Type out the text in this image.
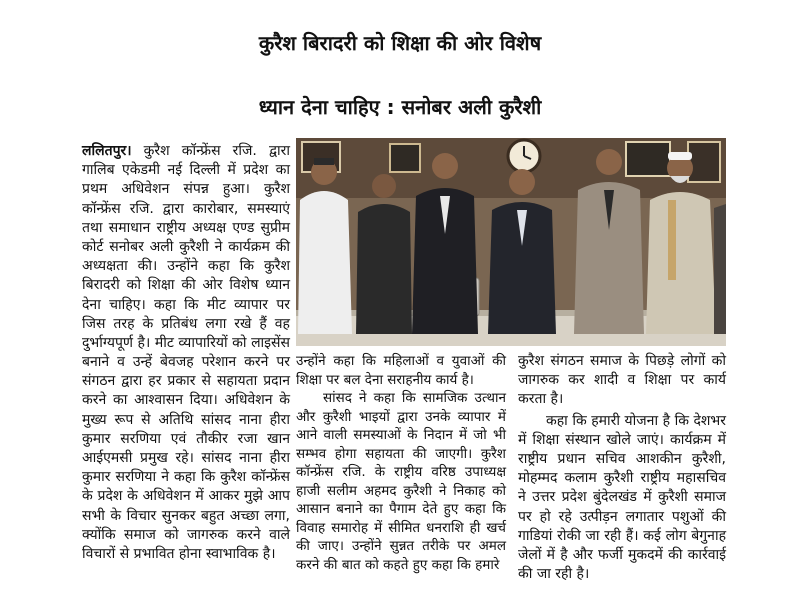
कुरैश बिरादरी को शिक्षा की ओर विशेष
ध्यान देना चाहिए : सनोबर अली कुरैशी

ललितपुर। कुरैश कॉन्फ्रेंस रजि. द्वारा गालिब एकेडमी नई दिल्ली में प्रदेश का प्रथम अधिवेशन संपन्न हुआ। कुरैश कॉन्फ्रेंस रजि. द्वारा कारोबार, समस्याएं तथा समाधान राष्ट्रीय अध्यक्ष एण्ड सुप्रीम कोर्ट सनोबर अली कुरैशी ने कार्यक्रम की अध्यक्षता की। उन्होंने कहा कि कुरैश बिरादरी को शिक्षा की ओर विशेष ध्यान देना चाहिए। कहा कि मीट व्यापार पर जिस तरह के प्रतिबंध लगा रखे हैं वह दुर्भाग्यपूर्ण है। मीट व्यापारियों को लाइसेंस बनाने व उन्हें बेवजह परेशान करने पर संगठन द्वारा हर प्रकार से सहायता प्रदान करने का आश्वासन दिया। अधिवेशन के मुख्य रूप से अतिथि सांसद नाना हीरा कुमार सरणिया एवं तौकीर रजा खान आईएमसी प्रमुख रहे। सांसद नाना हीरा कुमार सरणिया ने कहा कि कुरैश कॉन्फ्रेंस के प्रदेश के अधिवेशन में आकर मुझे आप सभी के विचार सुनकर बहुत अच्छा लगा, क्योंकि समाज को जागरुक करने वाले विचारों से प्रभावित होना स्वाभाविक है।

उन्होंने कहा कि महिलाओं व युवाओं की शिक्षा पर बल देना सराहनीय कार्य है।

सांसद ने कहा कि सामजिक उत्थान और कुरैशी भाइयों द्वारा उनके व्यापार में आने वाली समस्याओं के निदान में जो भी सम्भव होगा सहायता की जाएगी। कुरैश कॉन्फ्रेंस रजि. के राष्ट्रीय वरिष्ठ उपाध्यक्ष हाजी सलीम अहमद कुरैशी ने निकाह को आसान बनाने का पैगाम देते हुए कहा कि विवाह समारोह में सीमित धनराशि ही खर्च की जाए। उन्होंने सुन्नत तरीके पर अमल करने की बात को कहते हुए कहा कि हमारे

कुरैश संगठन समाज के पिछड़े लोगों को जागरुक कर शादी व शिक्षा पर कार्य करता है।

कहा कि हमारी योजना है कि देशभर में शिक्षा संस्थान खोले जाएं। कार्यक्रम में राष्ट्रीय प्रधान सचिव आशकीन कुरैशी, मोहम्मद कलाम कुरैशी राष्ट्रीय महासचिव ने उत्तर प्रदेश बुंदेलखंड में कुरैशी समाज पर हो रहे उत्पीड़न लगातार पशुओं की गाडियां रोकी जा रही हैं। कई लोग बेगुनाह जेलों में है और फर्जी मुकदमें की कार्रवाई की जा रही है।
